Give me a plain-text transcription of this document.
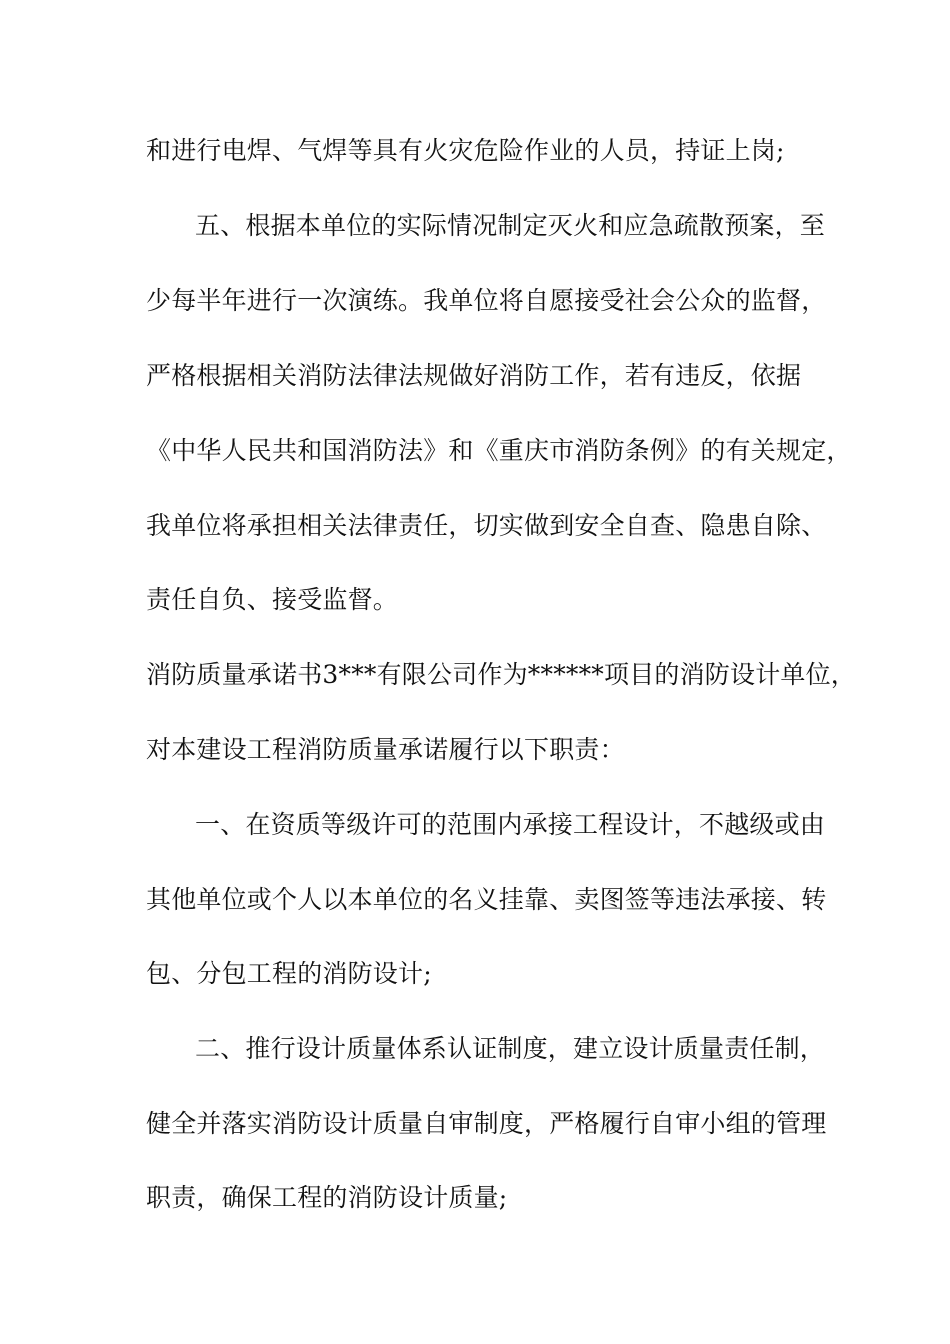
和进行电焊、气焊等具有火灾危险作业的人员，持证上岗;
五、根据本单位的实际情况制定灭火和应急疏散预案，至
少每半年进行一次演练。我单位将自愿接受社会公众的监督，
严格根据相关消防法律法规做好消防工作，若有违反，依据
《中华人民共和国消防法》和《重庆市消防条例》的有关规定，
我单位将承担相关法律责任，切实做到安全自查、隐患自除、
责任自负、接受监督。
消防质量承诺书3***有限公司作为******项目的消防设计单位，
对本建设工程消防质量承诺履行以下职责：
一、在资质等级许可的范围内承接工程设计，不越级或由
其他单位或个人以本单位的名义挂靠、卖图签等违法承接、转
包、分包工程的消防设计;
二、推行设计质量体系认证制度，建立设计质量责任制，
健全并落实消防设计质量自审制度，严格履行自审小组的管理
职责，确保工程的消防设计质量;
